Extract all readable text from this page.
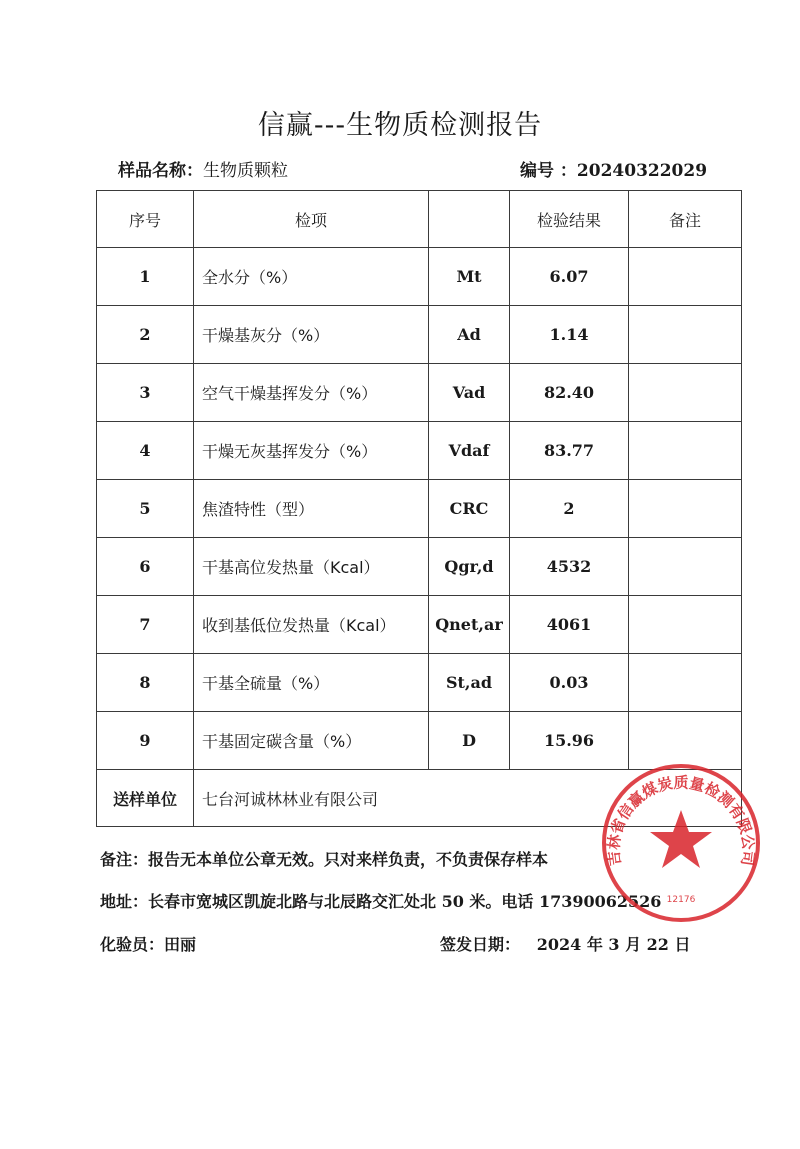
信赢---生物质检测报告
样品名称：生物质颗粒	编号 ：20240322029
序号	检项		检验结果	备注
1	全水分（%）	Mt	6.07	
2	干燥基灰分（%）	Ad	1.14	
3	空气干燥基挥发分（%）	Vad	82.40	
4	干燥无灰基挥发分（%）	Vdaf	83.77	
5	焦渣特性（型）	CRC	2	
6	干基高位发热量（Kcal）	Qgr,d	4532	
7	收到基低位发热量（Kcal）	Qnet,ar	4061	
8	干基全硫量（%）	St,ad	0.03	
9	干基固定碳含量（%）	D	15.96	
送样单位	七台河诚林林业有限公司			
备注：报告无本单位公章无效。只对来样负责，不负责保存样本
地址：长春市宽城区凯旋北路与北辰路交汇处北 50 米。电话 17390062526
化验员：田丽	签发日期：   2024 年 3 月 22 日
吉林省信赢煤炭质量检测有限公司
12176
